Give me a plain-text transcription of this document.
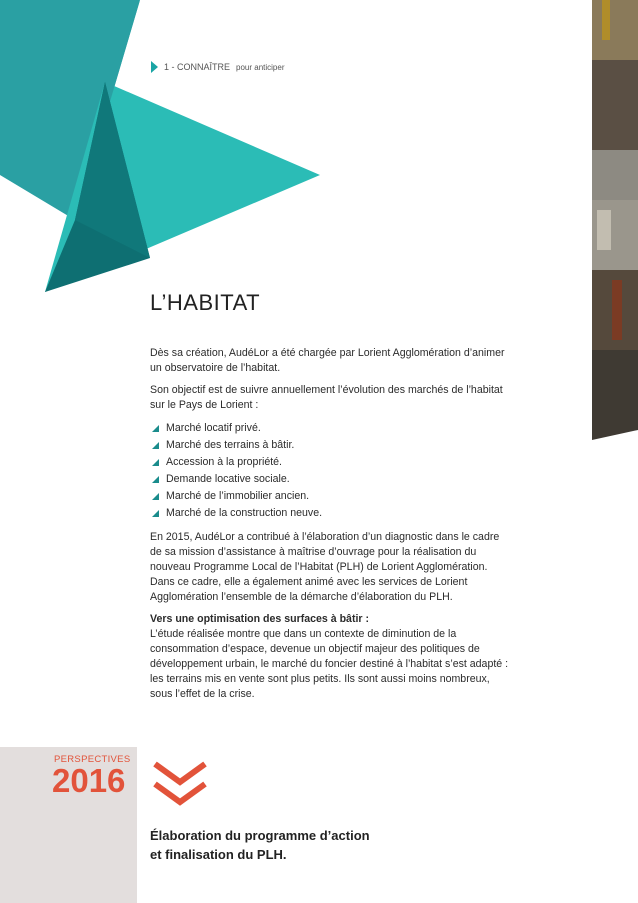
1 - CONNAÎTRE pour anticiper
L’HABITAT

Dès sa création, AudéLor a été chargée par Lorient Agglomération d’animer un observatoire de l’habitat.

Son objectif est de suivre annuellement l’évolution des marchés de l’habitat sur le Pays de Lorient :

Marché locatif privé.
Marché des terrains à bâtir.
Accession à la propriété.
Demande locative sociale.
Marché de l’immobilier ancien.
Marché de la construction neuve.

En 2015, AudéLor a contribué à l’élaboration d’un diagnostic dans le cadre de sa mission d’assistance à maîtrise d’ouvrage pour la réalisation du nouveau Programme Local de l’Habitat (PLH) de Lorient Agglomération. Dans ce cadre, elle a également animé avec les services de Lorient Agglomération l’ensemble de la démarche d’élaboration du PLH.

Vers une optimisation des surfaces à bâtir :
L’étude réalisée montre que dans un contexte de diminution de la consommation d’espace, devenue un objectif majeur des politiques de développement urbain, le marché du foncier destiné à l’habitat s’est adapté : les terrains mis en vente sont plus petits. Ils sont aussi moins nombreux, sous l’effet de la crise.

PERSPECTIVES
2016
Élaboration du programme d’action
et finalisation du PLH.
